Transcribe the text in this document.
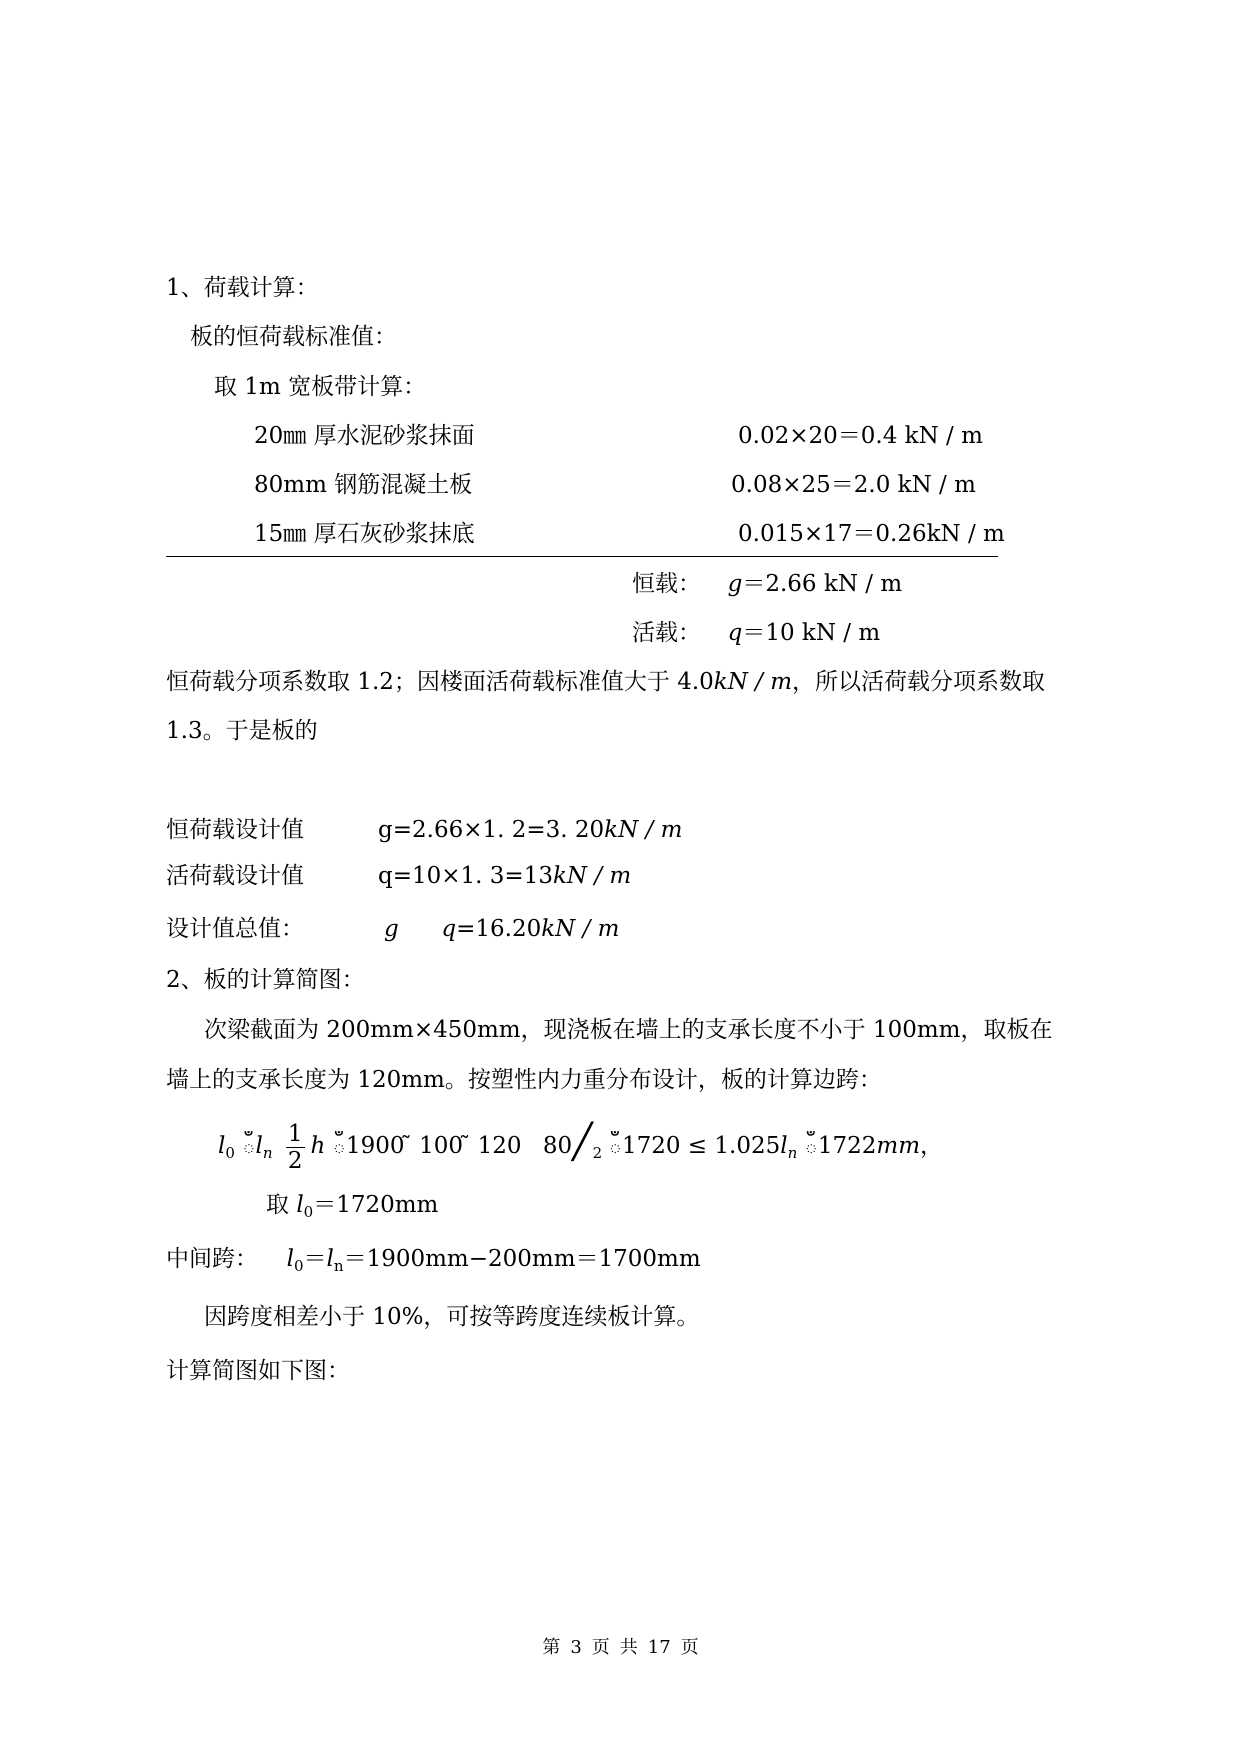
1、荷载计算：
板的恒荷载标准值：
取 1m 宽板带计算：
20㎜ 厚水泥砂浆抹面	0.02×20＝0.4 kN / m
80mm 钢筋混凝土板	0.08×25＝2.0 kN / m
15㎜ 厚石灰砂浆抹底	0.015×17＝0.26kN / m
恒载： g＝2.66 kN / m
活载： q＝10 kN / m
恒荷载分项系数取 1.2；因楼面活荷载标准值大于 4.0kN / m，所以活荷载分项系数取
1.3。于是板的
恒荷载设计值	g=2.66×1. 2=3. 20kN / m
活荷载设计值	q=10×1. 3=13kN / m
设计值总值：	g q=16.20kN / m
2、板的计算简图：
次梁截面为 200mm×450mm，现浇板在墙上的支承长度不小于 100mm，取板在
墙上的支承长度为 120mm。按塑性内力重分布设计，板的计算边跨：
$l_0$ $ఀl_n \frac{1}{2}$ h ఀ1900 ̃ 100 ̃ 120 $80╱_2$ $1720 \le 1.025l_n$ ఀ1722mm，
取 $l_0=1720mm$
中间跨： $l_0=l_n=1900mm-200mm=1700mm$
因跨度相差小于 10%，可按等跨度连续板计算。
计算简图如下图：
第 3 页 共 17 页
